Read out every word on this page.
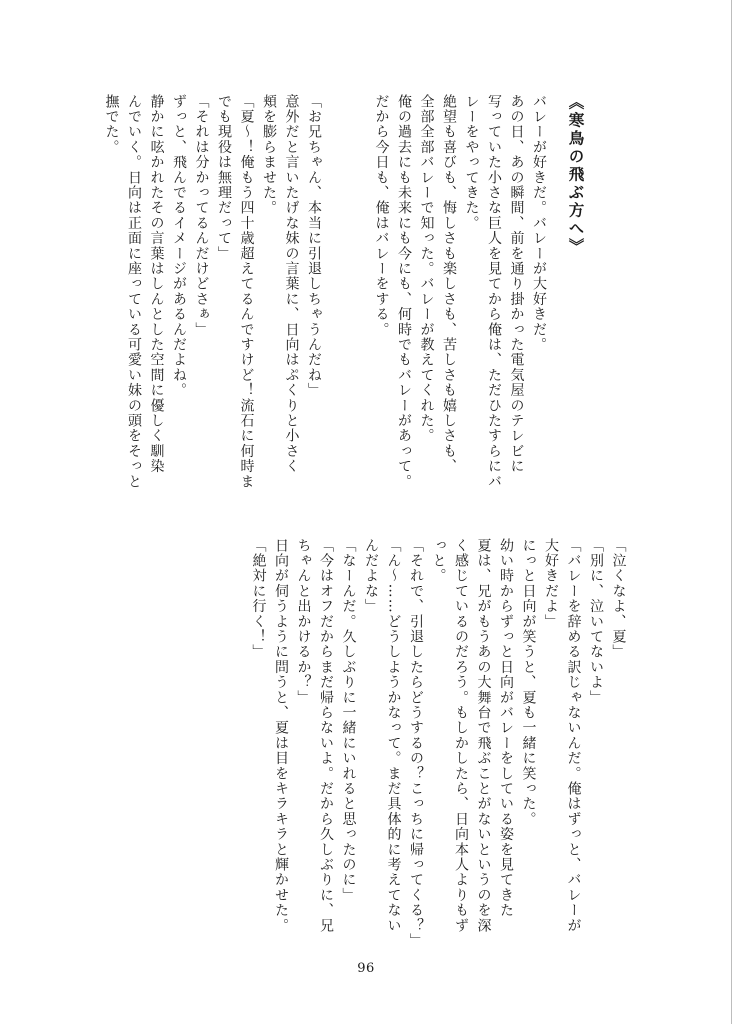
《寒鳥の飛ぶ方へ》

バレーが好きだ。バレーが大好きだ。

あの日、あの瞬間、前を通り掛かった電気屋のテレビに

写っていた小さな巨人を見てから俺は、ただひたすらにバ

レーをやってきた。

絶望も喜びも、悔しさも楽しさも、苦しさも嬉しさも、

全部全部バレーで知った。バレーが教えてくれた。

俺の過去にも未来にも今にも、何時でもバレーがあって。

だから今日も、俺はバレーをする。

「お兄ちゃん、本当に引退しちゃうんだね」

意外だと言いたげな妹の言葉に、日向はぷくりと小さく

頬を膨らませた。

「夏〜！俺もう四十歳超えてるんですけど！流石に何時ま

でも現役は無理だって」

「それは分かってるんだけどさぁ」

ずっと、飛んでるイメージがあるんだよね。

静かに呟かれたその言葉はしんとした空間に優しく馴染

んでいく。日向は正面に座っている可愛い妹の頭をそっと

撫でた。

「泣くなよ、夏」

「別に、泣いてないよ」

「バレーを辞める訳じゃないんだ。俺はずっと、バレーが

大好きだよ」

にっと日向が笑うと、夏も一緒に笑った。

幼い時からずっと日向がバレーをしている姿を見てきた

夏は、兄がもうあの大舞台で飛ぶことがないというのを深

く感じているのだろう。もしかしたら、日向本人よりもず

っと。

「それで、引退したらどうするの？こっちに帰ってくる？」

「ん〜……どうしようかなって。まだ具体的に考えてない

んだよな」

「なーんだ。久しぶりに一緒にいれると思ったのに」

「今はオフだからまだ帰らないよ。だから久しぶりに、兄

ちゃんと出かけるか？」

日向が伺うように問うと、夏は目をキラキラと輝かせた。

「絶対に行く！」

96
